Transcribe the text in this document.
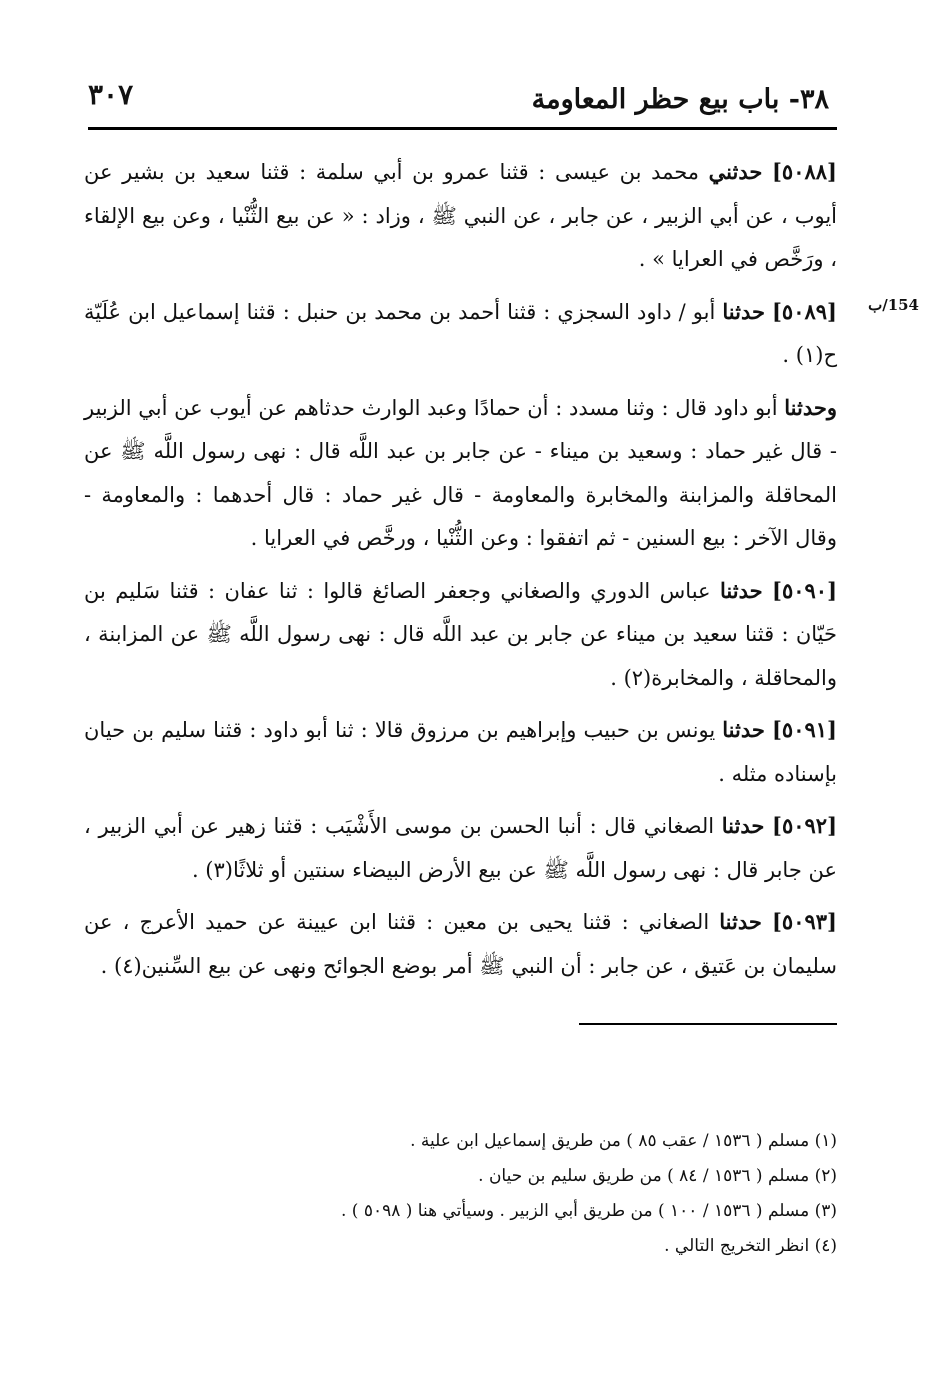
٣٨- باب بيع حظر المعاومة
٣٠٧
154/ب

[٥٠٨٨] حدثني محمد بن عيسى : قثنا عمرو بن أبي سلمة : قثنا سعيد بن بشير عن أيوب ، عن أبي الزبير ، عن جابر ، عن النبي ﷺ ، وزاد : « عن بيع الثُّنْيا ، وعن بيع الإلقاء ، ورَخَّص في العرايا » .

[٥٠٨٩] حدثنا أبو / داود السجزي : قثنا أحمد بن محمد بن حنبل : قثنا إسماعيل ابن عُلَيّة ح(١) .

وحدثنا أبو داود قال : وثنا مسدد : أن حمادًا وعبد الوارث حدثاهم عن أيوب عن أبي الزبير - قال غير حماد : وسعيد بن ميناء - عن جابر بن عبد اللَّه قال : نهى رسول اللَّه ﷺ عن المحاقلة والمزابنة والمخابرة والمعاومة - قال غير حماد : قال أحدهما : والمعاومة - وقال الآخر : بيع السنين - ثم اتفقوا : وعن الثُّنْيا ، ورخَّص في العرايا .

[٥٠٩٠] حدثنا عباس الدوري والصغاني وجعفر الصائغ قالوا : ثنا عفان : قثنا سَليم بن حَيّان : قثنا سعيد بن ميناء عن جابر بن عبد اللَّه قال : نهى رسول اللَّه ﷺ عن المزابنة ، والمحاقلة ، والمخابرة(٢) .

[٥٠٩١] حدثنا يونس بن حبيب وإبراهيم بن مرزوق قالا : ثنا أبو داود : قثنا سليم بن حيان بإسناده مثله .

[٥٠٩٢] حدثنا الصغاني قال : أنبا الحسن بن موسى الأَشْيَب : قثنا زهير عن أبي الزبير ، عن جابر قال : نهى رسول اللَّه ﷺ عن بيع الأرض البيضاء سنتين أو ثلاثًا(٣) .

[٥٠٩٣] حدثنا الصغاني : قثنا يحيى بن معين : قثنا ابن عيينة عن حميد الأعرج ، عن سليمان بن عَتيق ، عن جابر : أن النبي ﷺ أمر بوضع الجوائح ونهى عن بيع السِّنين(٤) .

(١) مسلم ( ١٥٣٦ / عقب ٨٥ ) من طريق إسماعيل ابن علية .
(٢) مسلم ( ١٥٣٦ / ٨٤ ) من طريق سليم بن حيان .
(٣) مسلم ( ١٥٣٦ / ١٠٠ ) من طريق أبي الزبير . وسيأتي هنا ( ٥٠٩٨ ) .
(٤) انظر التخريج التالي .
